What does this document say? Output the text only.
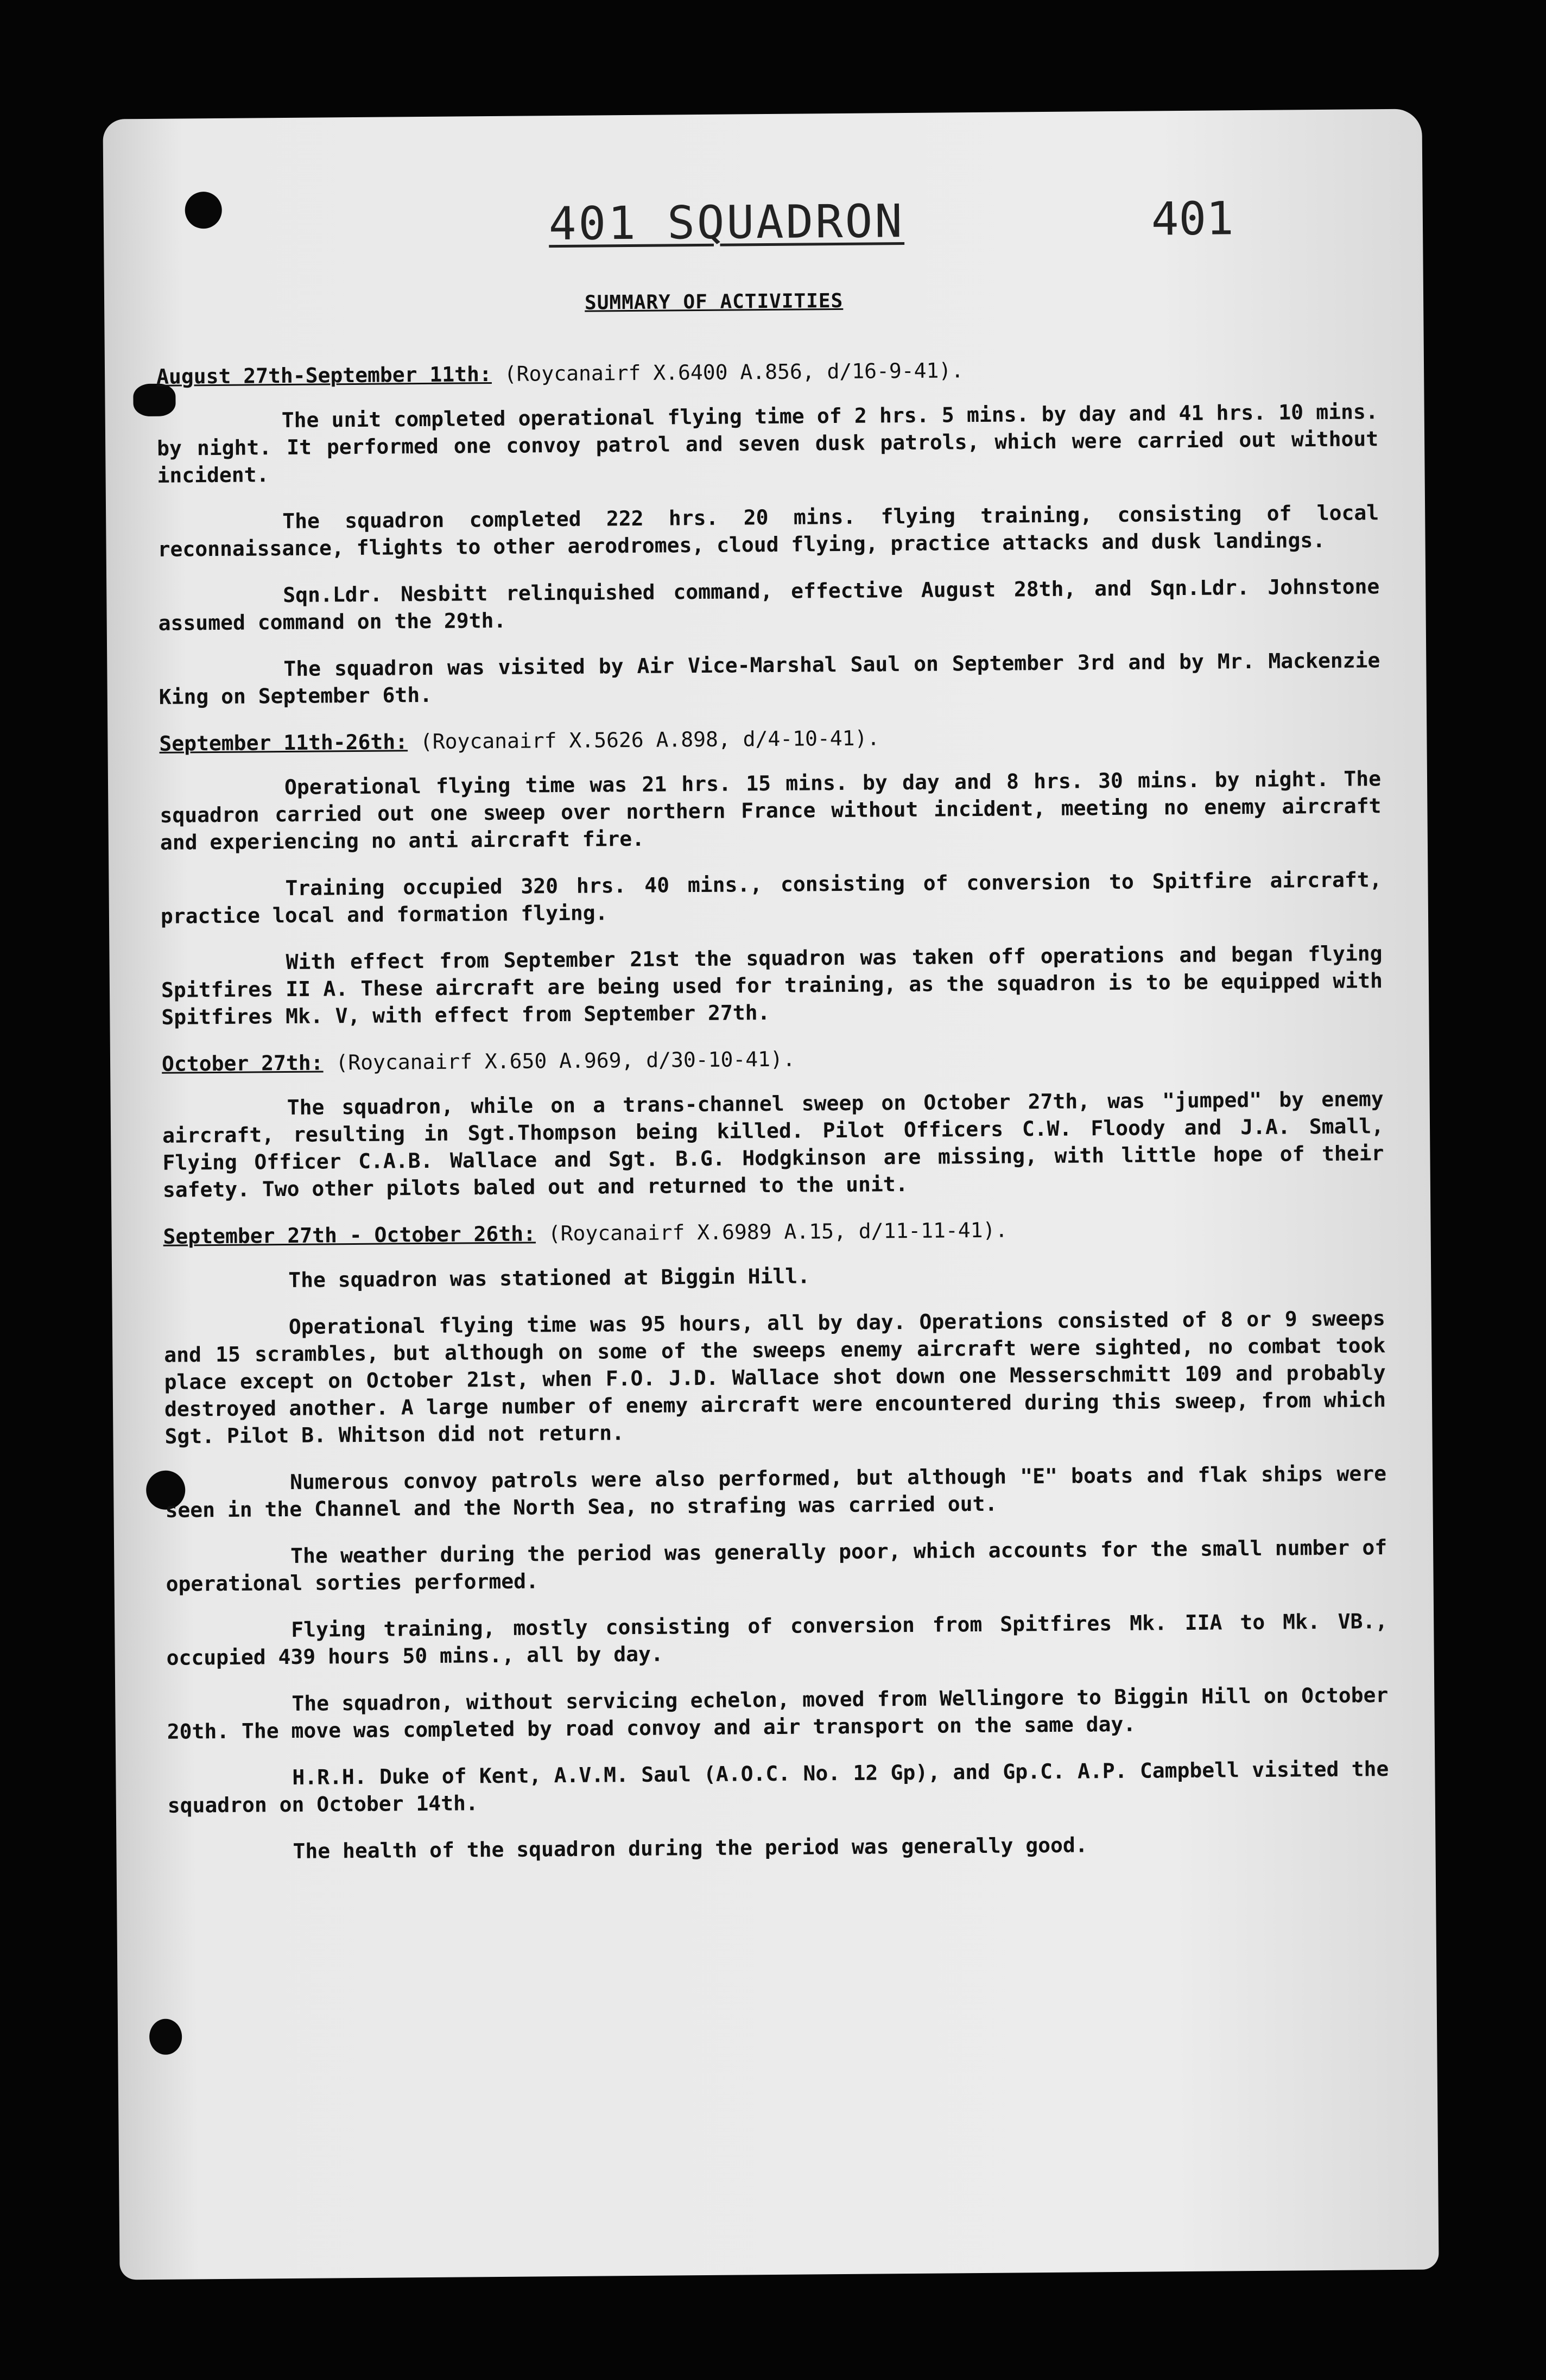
401 SQUADRON	401
SUMMARY OF ACTIVITIES

August 27th-September 11th: (Roycanairf X.6400 A.856, d/16-9-41).

The unit completed operational flying time of 2 hrs. 5 mins. by day and 41 hrs. 10 mins. by night. It performed one convoy patrol and seven dusk patrols, which were carried out without incident.

The squadron completed 222 hrs. 20 mins. flying training, consisting of local reconnaissance, flights to other aerodromes, cloud flying, practice attacks and dusk landings.

Sqn.Ldr. Nesbitt relinquished command, effective August 28th, and Sqn.Ldr. Johnstone assumed command on the 29th.

The squadron was visited by Air Vice-Marshal Saul on September 3rd and by Mr. Mackenzie King on September 6th.

September 11th-26th: (Roycanairf X.5626 A.898, d/4-10-41).

Operational flying time was 21 hrs. 15 mins. by day and 8 hrs. 30 mins. by night. The squadron carried out one sweep over northern France without incident, meeting no enemy aircraft and experiencing no anti aircraft fire.

Training occupied 320 hrs. 40 mins., consisting of conversion to Spitfire aircraft, practice local and formation flying.

With effect from September 21st the squadron was taken off operations and began flying Spitfires II A. These aircraft are being used for training, as the squadron is to be equipped with Spitfires Mk. V, with effect from September 27th.

October 27th: (Roycanairf X.650 A.969, d/30-10-41).

The squadron, while on a trans-channel sweep on October 27th, was "jumped" by enemy aircraft, resulting in Sgt.Thompson being killed. Pilot Officers C.W. Floody and J.A. Small, Flying Officer C.A.B. Wallace and Sgt. B.G. Hodgkinson are missing, with little hope of their safety. Two other pilots baled out and returned to the unit.

September 27th - October 26th: (Roycanairf X.6989 A.15, d/11-11-41).

The squadron was stationed at Biggin Hill.

Operational flying time was 95 hours, all by day. Operations consisted of 8 or 9 sweeps and 15 scrambles, but although on some of the sweeps enemy aircraft were sighted, no combat took place except on October 21st, when F.O. J.D. Wallace shot down one Messerschmitt 109 and probably destroyed another. A large number of enemy aircraft were encountered during this sweep, from which Sgt. Pilot B. Whitson did not return.

Numerous convoy patrols were also performed, but although "E" boats and flak ships were seen in the Channel and the North Sea, no strafing was carried out.

The weather during the period was generally poor, which accounts for the small number of operational sorties performed.

Flying training, mostly consisting of conversion from Spitfires Mk. IIA to Mk. VB., occupied 439 hours 50 mins., all by day.

The squadron, without servicing echelon, moved from Wellingore to Biggin Hill on October 20th. The move was completed by road convoy and air transport on the same day.

H.R.H. Duke of Kent, A.V.M. Saul (A.O.C. No. 12 Gp), and Gp.C. A.P. Campbell visited the squadron on October 14th.

The health of the squadron during the period was generally good.
